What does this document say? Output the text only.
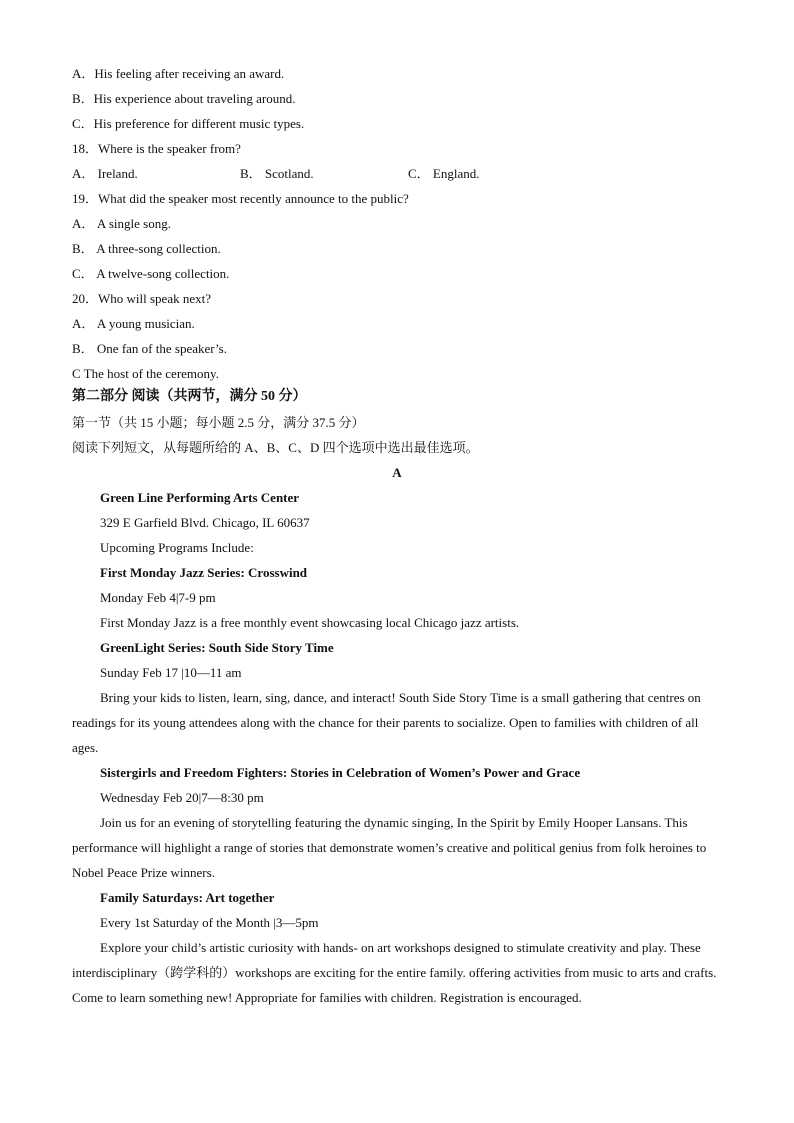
A．His feeling after receiving an award.
B．His experience about traveling around.
C．His preference for different music types.
18．Where is the speaker from?
A． Ireland.	B． Scotland.	C． England.
19．What did the speaker most recently announce to the public?
A． A single song.
B． A three-song collection.
C． A twelve-song collection.
20．Who will speak next?
A． A young musician.
B． One fan of the speaker’s.
C The host of the ceremony.
第二部分 阅读（共两节，满分 50 分）
第一节（共 15 小题；每小题 2.5 分，满分 37.5 分）
阅读下列短文，从每题所给的 A、B、C、D 四个选项中选出最佳选项。
A
Green Line Performing Arts Center
329 E Garfield Blvd. Chicago, IL 60637
Upcoming Programs Include:
First Monday Jazz Series: Crosswind
Monday Feb 4|7-9 pm
First Monday Jazz is a free monthly event showcasing local Chicago jazz artists.
GreenLight Series: South Side Story Time
Sunday Feb 17 |10—11 am
Bring your kids to listen, learn, sing, dance, and interact! South Side Story Time is a small gathering that centres on readings for its young attendees along with the chance for their parents to socialize. Open to families with children of all ages.
Sistergirls and Freedom Fighters: Stories in Celebration of Women’s Power and Grace
Wednesday Feb 20|7—8:30 pm
Join us for an evening of storytelling featuring the dynamic singing, In the Spirit by Emily Hooper Lansans. This performance will highlight a range of stories that demonstrate women’s creative and political genius from folk heroines to Nobel Peace Prize winners.
Family Saturdays: Art together
Every 1st Saturday of the Month |3—5pm
Explore your child’s artistic curiosity with hands- on art workshops designed to stimulate creativity and play. These interdisciplinary（跨学科的）workshops are exciting for the entire family. offering activities from music to arts and crafts. Come to learn something new! Appropriate for families with children. Registration is encouraged.
